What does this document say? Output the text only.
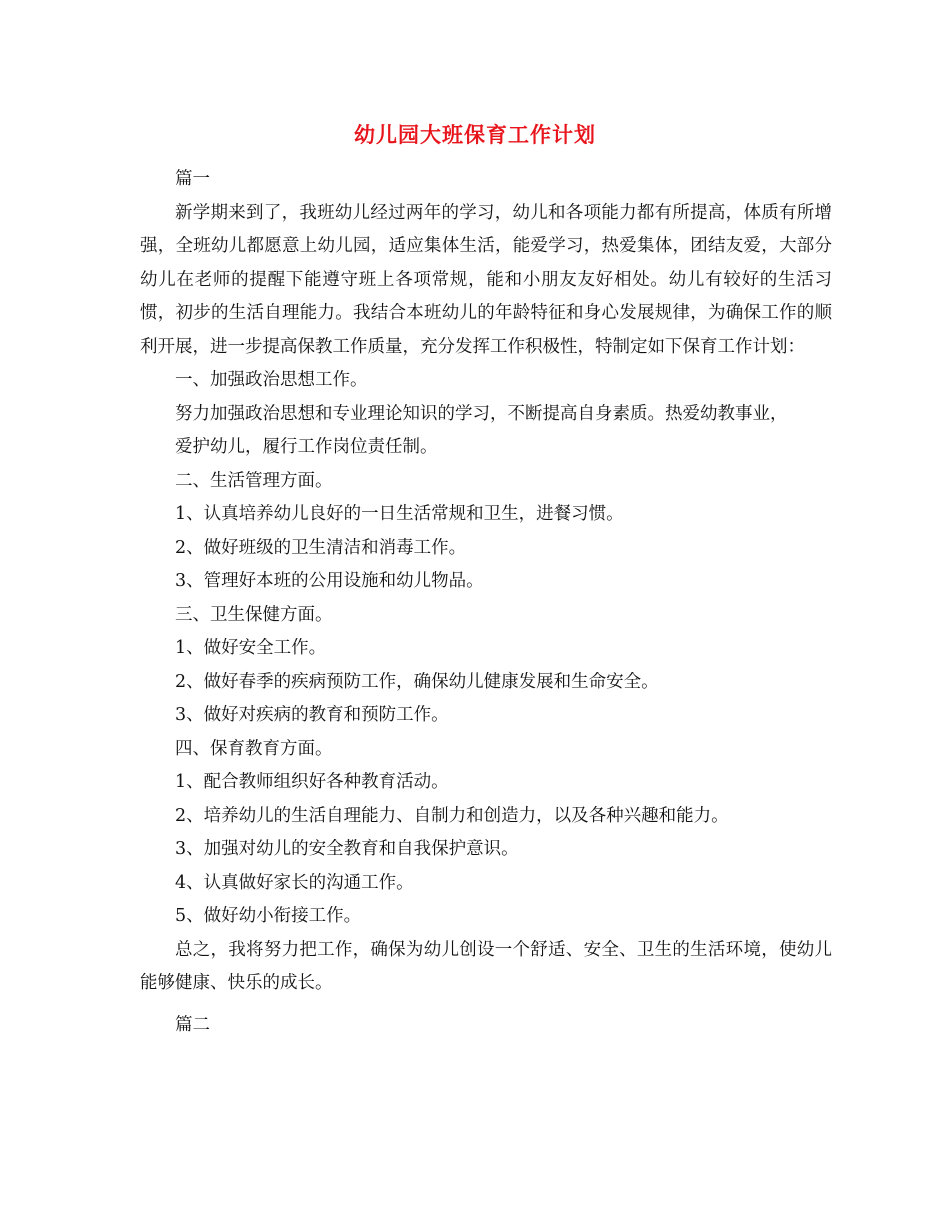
幼儿园大班保育工作计划

篇一

新学期来到了，我班幼儿经过两年的学习，幼儿和各项能力都有所提高，体质有所增强，全班幼儿都愿意上幼儿园，适应集体生活，能爱学习，热爱集体，团结友爱，大部分幼儿在老师的提醒下能遵守班上各项常规，能和小朋友友好相处。幼儿有较好的生活习惯，初步的生活自理能力。我结合本班幼儿的年龄特征和身心发展规律，为确保工作的顺利开展，进一步提高保教工作质量，充分发挥工作积极性，特制定如下保育工作计划：

一、加强政治思想工作。

努力加强政治思想和专业理论知识的学习，不断提高自身素质。热爱幼教事业，

爱护幼儿，履行工作岗位责任制。

二、生活管理方面。

1、认真培养幼儿良好的一日生活常规和卫生，进餐习惯。

2、做好班级的卫生清洁和消毒工作。

3、管理好本班的公用设施和幼儿物品。

三、卫生保健方面。

1、做好安全工作。

2、做好春季的疾病预防工作，确保幼儿健康发展和生命安全。

3、做好对疾病的教育和预防工作。

四、保育教育方面。

1、配合教师组织好各种教育活动。

2、培养幼儿的生活自理能力、自制力和创造力，以及各种兴趣和能力。

3、加强对幼儿的安全教育和自我保护意识。

4、认真做好家长的沟通工作。

5、做好幼小衔接工作。

总之，我将努力把工作，确保为幼儿创设一个舒适、安全、卫生的生活环境，使幼儿能够健康、快乐的成长。

篇二
